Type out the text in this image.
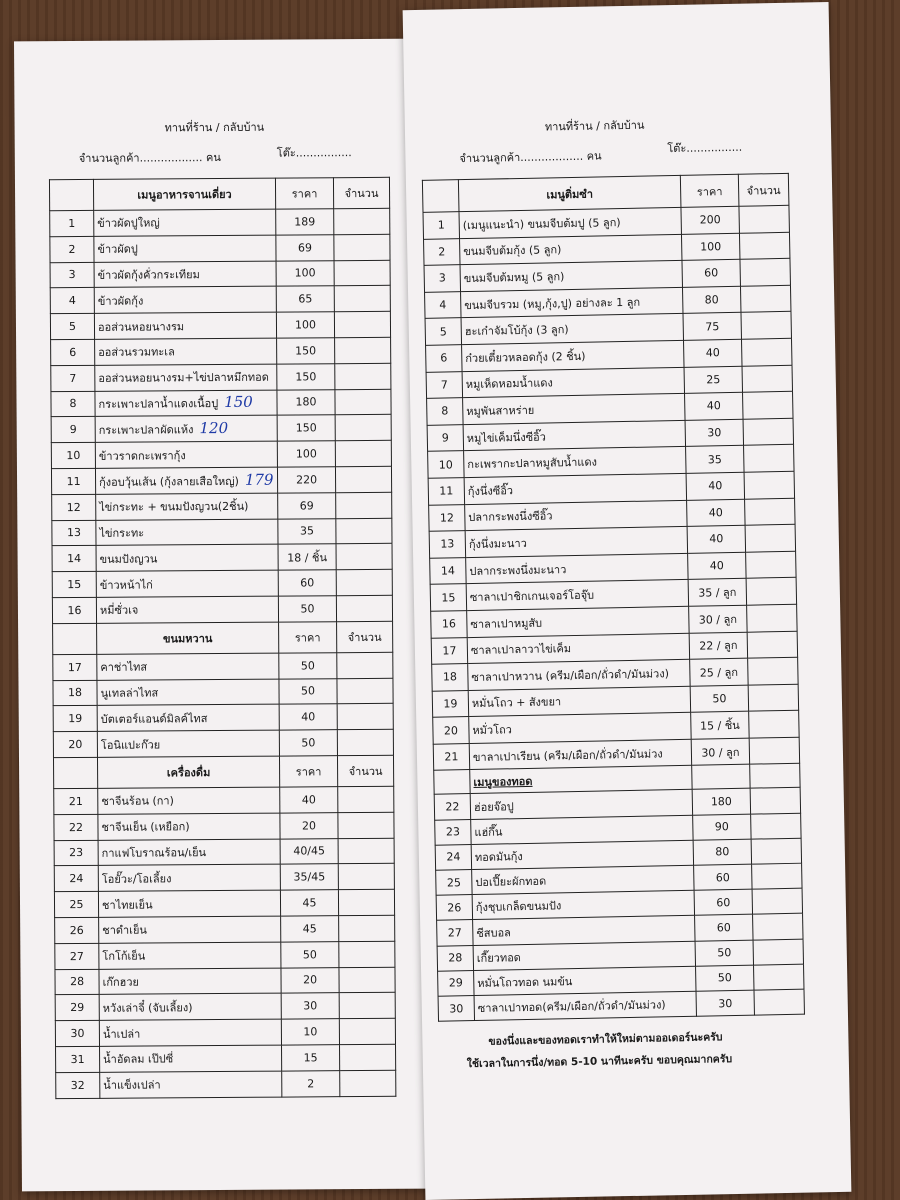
ทานที่ร้าน / กลับบ้าน
จำนวนลูกค้า.................. คน	โต๊ะ................
	เมนูอาหารจานเดี่ยว	ราคา	จำนวน
1	ข้าวผัดปูใหญ่	189	
2	ข้าวผัดปู	69	
3	ข้าวผัดกุ้งคั่วกระเทียม	100	
4	ข้าวผัดกุ้ง	65	
5	ออส่วนหอยนางรม	100	
6	ออส่วนรวมทะเล	150	
7	ออส่วนหอยนางรม+ไข่ปลาหมึกทอด	150	
8	กระเพาะปลาน้ำแดงเนื้อปู 150	180	
9	กระเพาะปลาผัดแห้ง 120	150	
10	ข้าวราดกะเพรากุ้ง	100	
11	กุ้งอบวุ้นเส้น (กุ้งลายเสือใหญ่) 179	220	
12	ไข่กระทะ + ขนมปังญวน(2ชิ้น)	69	
13	ไข่กระทะ	35	
14	ขนมปังญวน	18 / ชิ้น	
15	ข้าวหน้าไก่	60	
16	หมี่ซั่วเจ	50	
	ขนมหวาน	ราคา	จำนวน
17	คาช่าไทส	50	
18	นูเทลล่าไทส	50	
19	บัตเตอร์แอนด์มิลค์ไทส	40	
20	โอนิแปะก๊วย	50	
	เครื่องดื่ม	ราคา	จำนวน
21	ชาจีนร้อน (กา)	40	
22	ชาจีนเย็น (เหยือก)	20	
23	กาแฟโบราณร้อน/เย็น	40/45	
24	โอยั๊วะ/โอเลี้ยง	35/45	
25	ชาไทยเย็น	45	
26	ชาดำเย็น	45	
27	โกโก้เย็น	50	
28	เก๊กฮวย	20	
29	หวังเล่าจี๋ (จับเลี้ยง)	30	
30	น้ำเปล่า	10	
31	น้ำอัดลม เป๊ปซี่	15	
32	น้ำแข็งเปล่า	2	
ทานที่ร้าน / กลับบ้าน
จำนวนลูกค้า.................. คน
โต๊ะ................
	เมนูติ่มซำ	ราคา	จำนวน
1	(เมนูแนะนำ) ขนมจีบต้มปู (5 ลูก)	200	
2	ขนมจีบต้มกุ้ง (5 ลูก)	100	
3	ขนมจีบต้มหมู (5 ลูก)	60	
4	ขนมจีบรวม (หมู,กุ้ง,ปู) อย่างละ 1 ลูก	80	
5	ฮะเก๋าจัมโบ้กุ้ง (3 ลูก)	75	
6	ก๋วยเตี๋ยวหลอดกุ้ง (2 ชิ้น)	40	
7	หมูเห็ดหอมน้ำแดง	25	
8	หมูพันสาหร่าย	40	
9	หมูไข่เค็มนึ่งซีอิ๊ว	30	
10	กะเพรากะปลาหมูสับน้ำแดง	35	
11	กุ้งนึ่งซีอิ๊ว	40	
12	ปลากระพงนึ่งซีอิ๊ว	40	
13	กุ้งนึ่งมะนาว	40	
14	ปลากระพงนึ่งมะนาว	40	
15	ซาลาเปาชิกเกนเจอร์โอจุ๊บ	35 / ลูก	
16	ซาลาเปาหมูสับ	30 / ลูก	
17	ซาลาเปาลาวาไข่เค็ม	22 / ลูก	
18	ซาลาเปาหวาน (ครีม/เผือก/ถั่วดำ/มันม่วง)	25 / ลูก	
19	หมั่นโถว + สังขยา	50	
20	หมั่วโถว	15 / ชิ้น	
21	ขาลาเปาเรียน (ครีม/เผือก/ถั่วดำ/มันม่วง	30 / ลูก	
	เมนูของทอด		
22	ฮ่อยจ๊อปู	180	
23	แฮ่กึ๊น	90	
24	ทอดมันกุ้ง	80	
25	ปอเปี๊ยะผักทอด	60	
26	กุ้งชุบเกล็ดขนมปัง	60	
27	ชีสบอล	60	
28	เกี๊ยวทอด	50	
29	หมั่นโถวทอด นมข้น	50	
30	ซาลาเปาทอด(ครีม/เผือก/ถั่วดำ/มันม่วง)	30	
ของนึ่งและของทอดเราทำให้ใหม่ตามออเดอร์นะครับ
ใช้เวลาในการนึ่ง/ทอด 5-10 นาทีนะครับ ขอบคุณมากครับ
